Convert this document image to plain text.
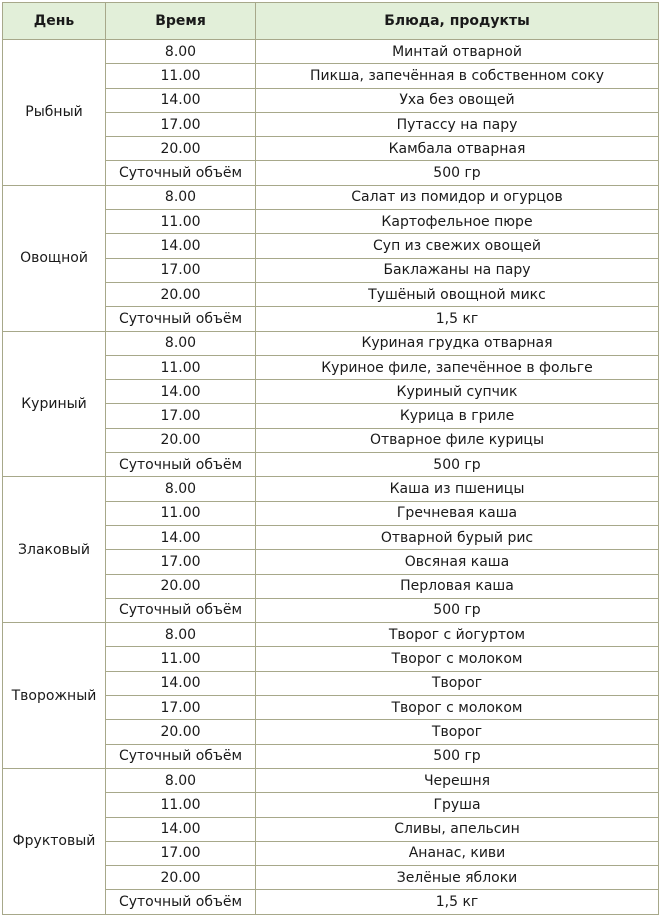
День	Время	Блюда, продукты
Рыбный	8.00	Минтай отварной
	11.00	Пикша, запечённая в собственном соку
	14.00	Уха без овощей
	17.00	Путассу на пару
	20.00	Камбала отварная
	Суточный объём	500 гр
Овощной	8.00	Салат из помидор и огурцов
	11.00	Картофельное пюре
	14.00	Суп из свежих овощей
	17.00	Баклажаны на пару
	20.00	Тушёный овощной микс
	Суточный объём	1,5 кг
Куриный	8.00	Куриная грудка отварная
	11.00	Куриное филе, запечённое в фольге
	14.00	Куриный супчик
	17.00	Курица в гриле
	20.00	Отварное филе курицы
	Суточный объём	500 гр
Злаковый	8.00	Каша из пшеницы
	11.00	Гречневая каша
	14.00	Отварной бурый рис
	17.00	Овсяная каша
	20.00	Перловая каша
	Суточный объём	500 гр
Творожный	8.00	Творог с йогуртом
	11.00	Творог с молоком
	14.00	Творог
	17.00	Творог с молоком
	20.00	Творог
	Суточный объём	500 гр
Фруктовый	8.00	Черешня
	11.00	Груша
	14.00	Сливы, апельсин
	17.00	Ананас, киви
	20.00	Зелёные яблоки
	Суточный объём	1,5 кг
